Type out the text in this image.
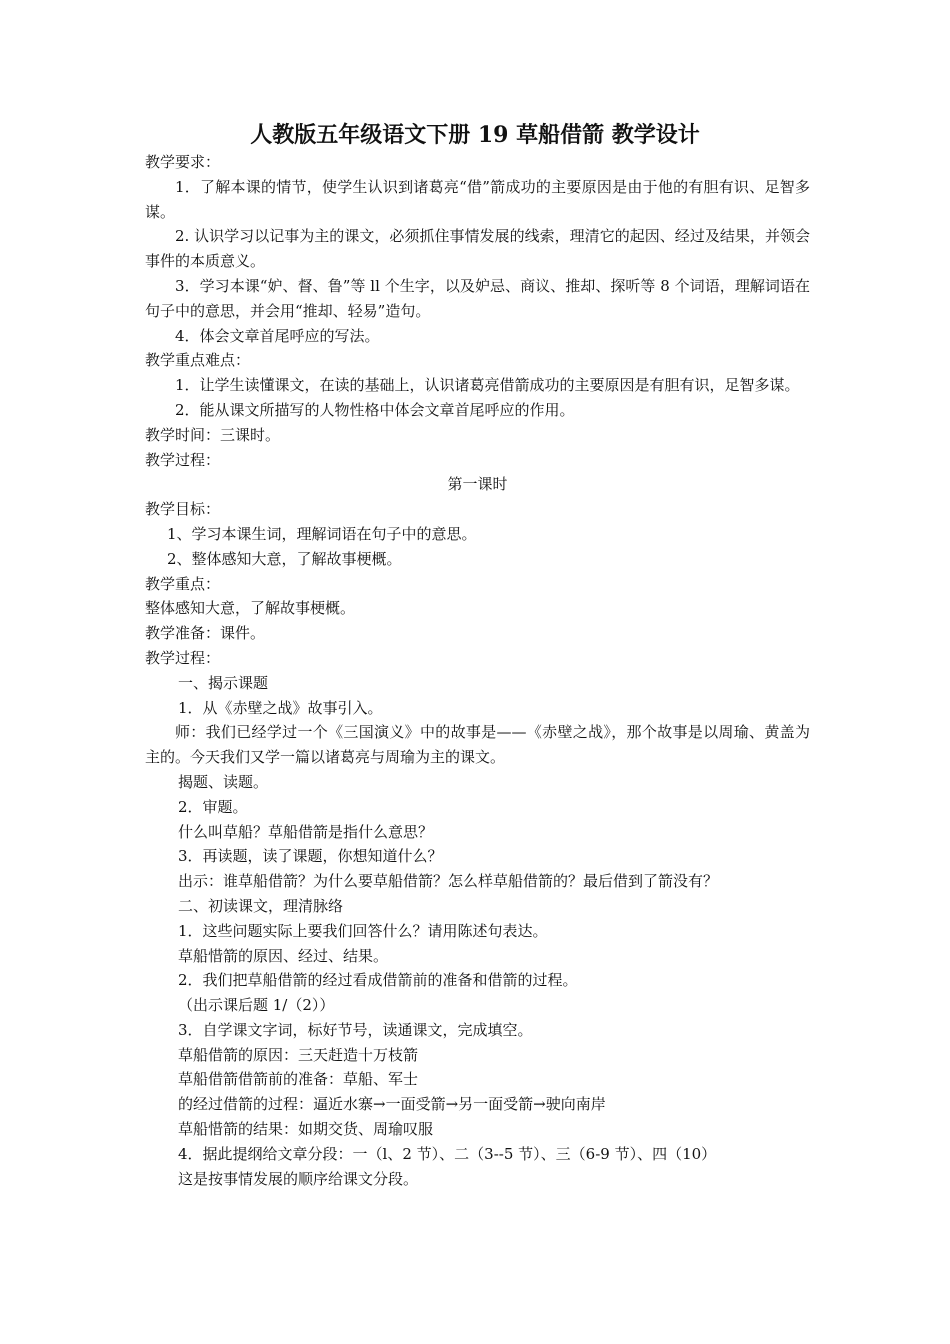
人教版五年级语文下册 19 草船借箭 教学设计

教学要求：

1．了解本课的情节，使学生认识到诸葛亮“借”箭成功的主要原因是由于他的有胆有识、足智多谋。

2. 认识学习以记事为主的课文，必须抓住事情发展的线索，理清它的起因、经过及结果，并领会事件的本质意义。

3．学习本课“妒、督、鲁”等 ll 个生字，以及妒忌、商议、推却、探听等 8 个词语，理解词语在句子中的意思，并会用“推却、轻易”造句。

4．体会文章首尾呼应的写法。

教学重点难点：

1．让学生读懂课文，在读的基础上，认识诸葛亮借箭成功的主要原因是有胆有识，足智多谋。

2．能从课文所描写的人物性格中体会文章首尾呼应的作用。

教学时间：三课时。

教学过程：

第一课时

教学目标：

1、学习本课生词，理解词语在句子中的意思。

2、整体感知大意，了解故事梗概。

教学重点：

整体感知大意，了解故事梗概。

教学准备：课件。

教学过程：

一、揭示课题

1．从《赤壁之战》故事引入。

师：我们已经学过一个《三国演义》中的故事是——《赤壁之战》，那个故事是以周瑜、黄盖为主的。今天我们又学一篇以诸葛亮与周瑜为主的课文。

揭题、读题。

2．审题。

什么叫草船？草船借箭是指什么意思？

3．再读题，读了课题，你想知道什么？

出示：谁草船借箭？为什么要草船借箭？怎么样草船借箭的？最后借到了箭没有？

二、初读课文，理清脉络

1．这些问题实际上要我们回答什么？请用陈述句表达。

草船惜箭的原因、经过、结果。

2．我们把草船借箭的经过看成借箭前的准备和借箭的过程。

（出示课后题 1/（2））

3．自学课文字词，标好节号，读通课文，完成填空。

草船借箭的原因：三天赶造十万枝箭

草船借箭借箭前的准备：草船、军士

的经过借箭的过程：逼近水寨→一面受箭→另一面受箭→驶向南岸

草船惜箭的结果：如期交货、周瑜叹服

4．据此提纲给文章分段：一（l、2 节）、二（3--5 节）、三（6-9 节）、四（10）

这是按事情发展的顺序给课文分段。
